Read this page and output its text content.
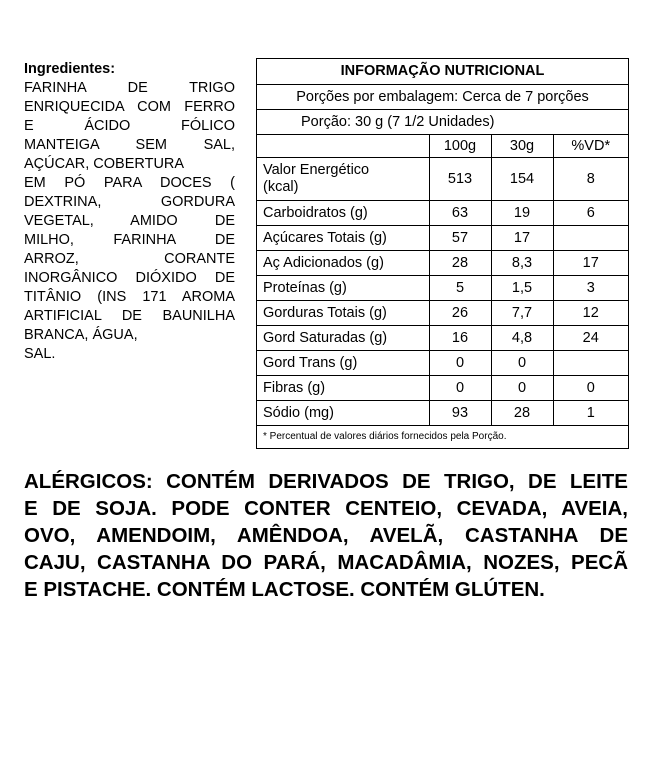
Ingredientes:
FARINHA DE TRIGO
ENRIQUECIDA COM FERRO
E ÁCIDO FÓLICO
MANTEIGA SEM SAL,
AÇÚCAR, COBERTURA
EM PÓ PARA DOCES (
DEXTRINA, GORDURA
VEGETAL, AMIDO DE
MILHO, FARINHA DE
ARROZ, CORANTE
INORGÂNICO DIÓXIDO DE
TITÂNIO (INS 171 AROMA
ARTIFICIAL DE BAUNILHA
BRANCA, ÁGUA,
SAL.
INFORMAÇÃO NUTRICIONAL
Porções por embalagem: Cerca de 7 porções
Porção: 30 g (7 1/2 Unidades)
	100g	30g	%VD*
Valor Energético
(kcal)	513	154	8
Carboidratos (g)	63	19	6
Açúcares Totais (g)	57	17	
Aç Adicionados (g)	28	8,3	17
Proteínas (g)	5	1,5	3
Gorduras Totais (g)	26	7,7	12
Gord Saturadas (g)	16	4,8	24
Gord Trans (g)	0	0	
Fibras (g)	0	0	0
Sódio (mg)	93	28	1
* Percentual de valores diários fornecidos pela Porção.
ALÉRGICOS: CONTÉM DERIVADOS DE TRIGO, DE LEITE
E DE SOJA. PODE CONTER CENTEIO, CEVADA, AVEIA,
OVO, AMENDOIM, AMÊNDOA, AVELÃ, CASTANHA DE
CAJU, CASTANHA DO PARÁ, MACADÂMIA, NOZES, PECÃ
E PISTACHE. CONTÉM LACTOSE. CONTÉM GLÚTEN.
